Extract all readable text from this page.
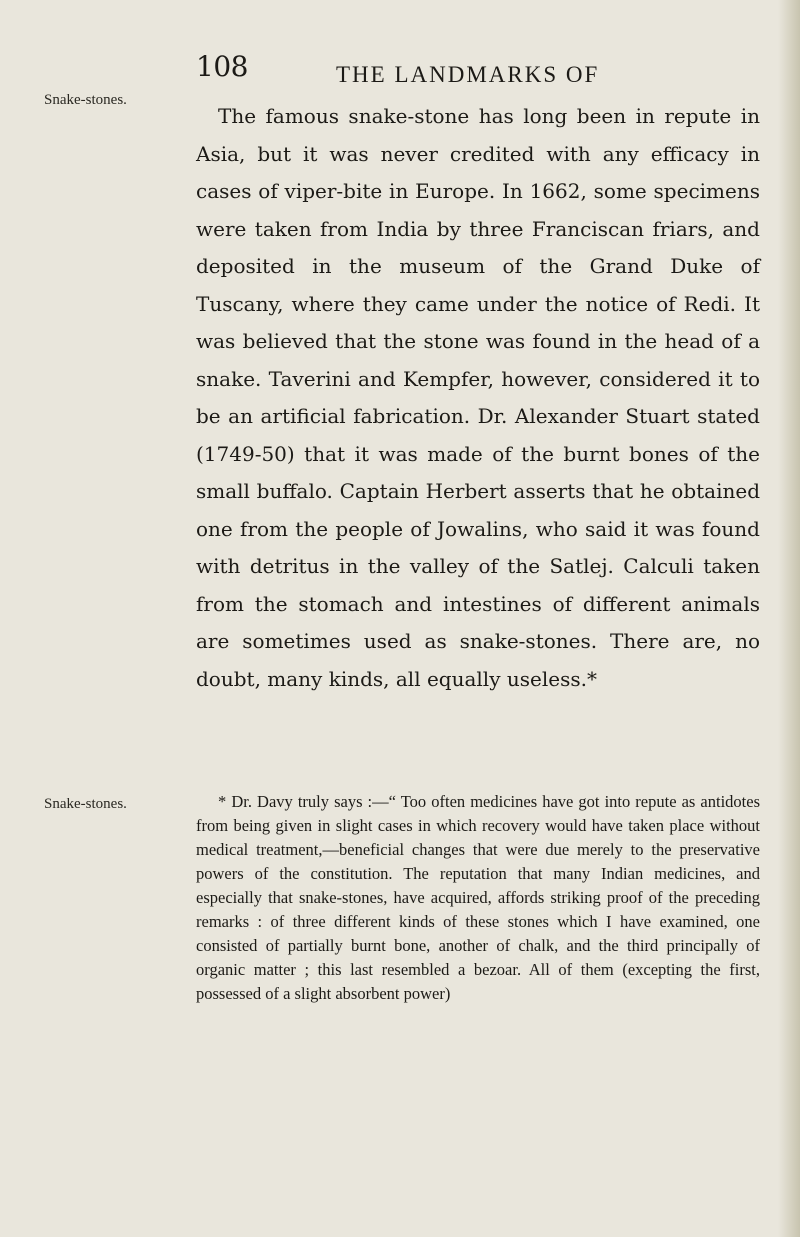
108	THE LANDMARKS OF
Snake-stones.

The famous snake-stone has long been in repute in Asia, but it was never credited with any efficacy in cases of viper-bite in Europe. In 1662, some specimens were taken from India by three Franciscan friars, and deposited in the museum of the Grand Duke of Tuscany, where they came under the notice of Redi. It was believed that the stone was found in the head of a snake. Taverini and Kempfer, however, considered it to be an artificial fabrication. Dr. Alexander Stuart stated (1749-50) that it was made of the burnt bones of the small buffalo. Captain Herbert asserts that he obtained one from the people of Jowalins, who said it was found with detritus in the valley of the Satlej. Calculi taken from the stomach and intestines of different animals are sometimes used as snake-stones. There are, no doubt, many kinds, all equally useless.*

Snake-stones.	* Dr. Davy truly says :—“ Too often medicines have got into repute as antidotes from being given in slight cases in which recovery would have taken place without medical treatment,—beneficial changes that were due merely to the preservative powers of the constitution. The reputation that many Indian medicines, and especially that snake-stones, have acquired, affords striking proof of the preceding remarks : of three different kinds of these stones which I have examined, one consisted of partially burnt bone, another of chalk, and the third principally of organic matter ; this last resembled a bezoar. All of them (excepting the first, possessed of a slight absorbent power)
